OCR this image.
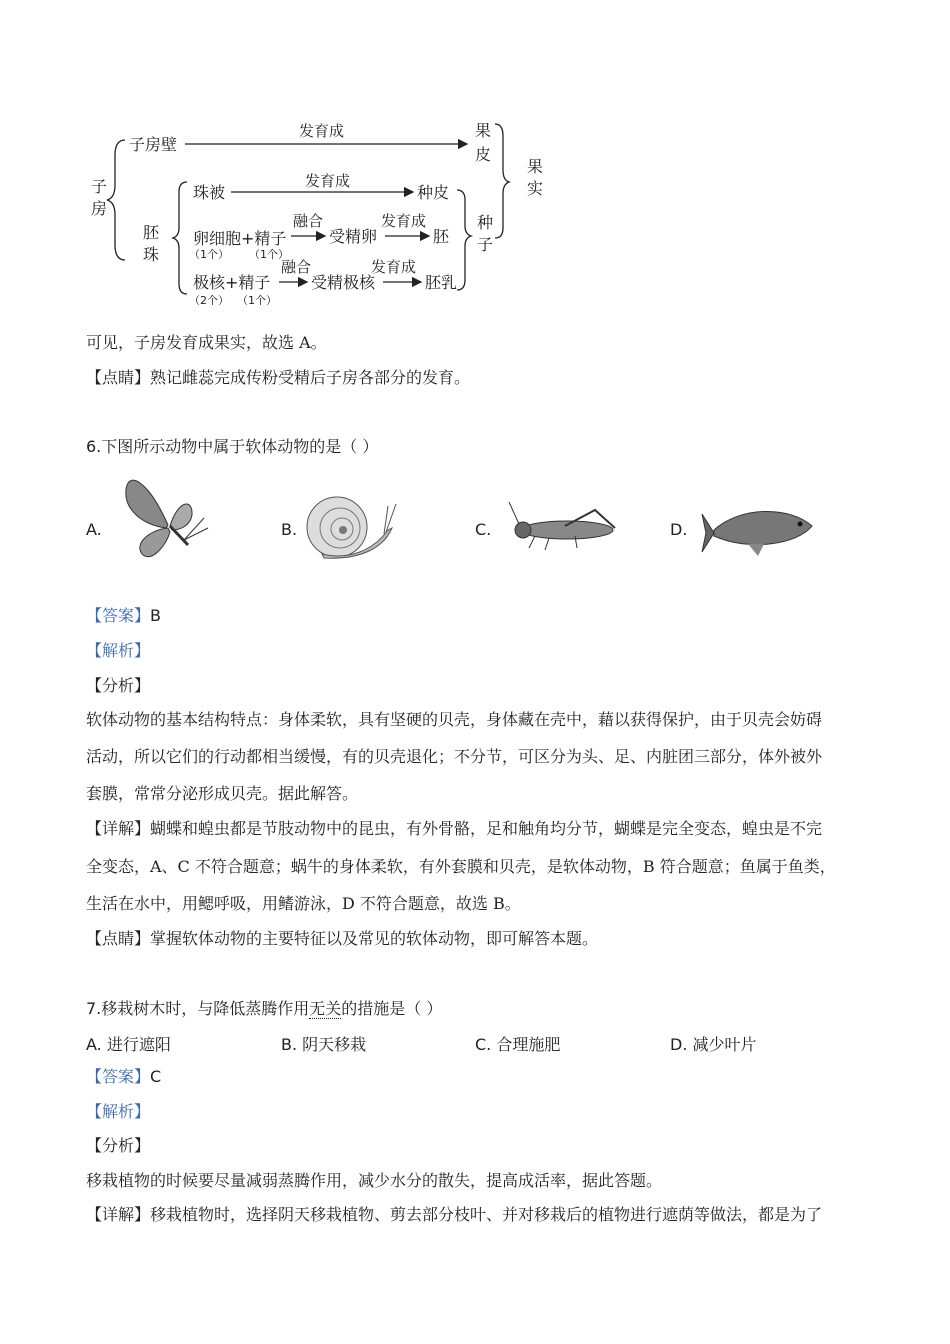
子
房
子房壁
发育成	果
皮
胚
珠
珠被
发育成
种皮
卵细胞+精子
（1个） （1个）
融合
受精卵
发育成
胚
极核+精子
（2个） （1个）
融合
受精极核
发育成
胚乳
种
子
果
实
可见，子房发育成果实，故选 A。
【点睛】熟记雌蕊完成传粉受精后子房各部分的发育。
6.下图所示动物中属于软体动物的是（ ）
A.	B.	C.	D.
【答案】B
【解析】
【分析】
软体动物的基本结构特点：身体柔软，具有坚硬的贝壳，身体藏在壳中，藉以获得保护，由于贝壳会妨碍
活动，所以它们的行动都相当缓慢，有的贝壳退化；不分节，可区分为头、足、内脏团三部分，体外被外
套膜，常常分泌形成贝壳。据此解答。
【详解】蝴蝶和蝗虫都是节肢动物中的昆虫，有外骨骼，足和触角均分节，蝴蝶是完全变态，蝗虫是不完
全变态，A、C 不符合题意；蜗牛的身体柔软，有外套膜和贝壳，是软体动物，B 符合题意；鱼属于鱼类，
生活在水中，用鳃呼吸，用鳍游泳，D 不符合题意，故选 B。
【点睛】掌握软体动物的主要特征以及常见的软体动物，即可解答本题。
7.移栽树木时，与降低蒸腾作用无关的措施是（ ）
A. 进行遮阳	B. 阴天移栽	C. 合理施肥	D. 减少叶片
【答案】C
【解析】
【分析】
移栽植物的时候要尽量减弱蒸腾作用，减少水分的散失，提高成活率，据此答题。
【详解】移栽植物时，选择阴天移栽植物、剪去部分枝叶、并对移栽后的植物进行遮荫等做法，都是为了
